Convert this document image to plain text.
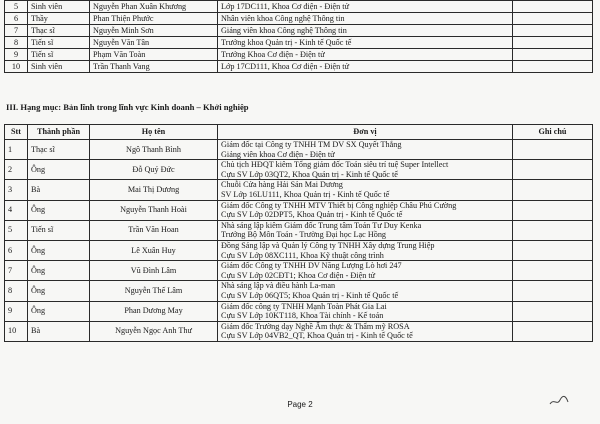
5	Sinh viên	Nguyễn Phan Xuân Khương	Lớp 17DC111, Khoa Cơ điện - Điện tử	
6	Thầy	Phan Thiện Phước	Nhân viên khoa Công nghệ Thông tin	
7	Thạc sĩ	Nguyễn Minh Sơn	Giảng viên khoa Công nghệ Thông tin	
8	Tiến sĩ	Nguyễn Văn Tân	Trưởng khoa Quản trị - Kinh tế Quốc tế	
9	Tiến sĩ	Phạm Văn Toàn	Trưởng Khoa Cơ điện - Điện tử	
10	Sinh viên	Trần Thanh Vang	Lớp 17CD111, Khoa Cơ điện - Điện tử	
III. Hạng mục: Bản lĩnh trong lĩnh vực Kinh doanh – Khởi nghiệp
Stt	Thành phần	Họ tên	Đơn vị	Ghi chú
1	Thạc sĩ	Ngô Thanh Bình	Giám đốc tại Công ty TNHH TM DV SX Quyết Thắng
Giảng viên khoa Cơ điện - Điện tử	

2	Ông	Đỗ Quý Đức	Chủ tịch HĐQT kiêm Tổng giám đốc Toán siêu trí tuệ Super Intellect
Cựu SV Lớp 03QT2, Khoa Quản trị - Kinh tế Quốc tế	

3	Bà	Mai Thị Dương	Chuỗi Cửa hàng Hải Sản Mai Dương
SV Lớp 16LU111, Khoa Quản trị - Kinh tế Quốc tế	

4	Ông	Nguyễn Thanh Hoài	Giám đốc Công ty TNHH MTV Thiết bị Công nghiệp Châu Phú Cường
Cựu SV Lớp 02DPT5, Khoa Quản trị - Kinh tế Quốc tế	

5	Tiến sĩ	Trần Văn Hoan	Nhà sáng lập kiêm Giám đốc Trung tâm Toán Tư Duy Kenka
Trưởng Bộ Môn Toán - Trường Đại học Lạc Hồng	

6	Ông	Lê Xuân Huy	Đồng Sáng lập và Quản lý Công ty TNHH Xây dựng Trung Hiệp
Cựu SV Lớp 08XC111, Khoa Kỹ thuật công trình	

7	Ông	Vũ Đình Lâm	Giám đốc Công ty TNHH DV Năng Lượng Lò hơi 247
Cựu SV Lớp 02CĐT1; Khoa Cơ điện - Điện tử	

8	Ông	Nguyễn Thế Lâm	Nhà sáng lập và điều hành La-man
Cựu SV Lớp 06QT5; Khoa Quản trị - Kinh tế Quốc tế	

9	Ông	Phan Dương May	Giám đốc công ty TNHH Mạnh Toàn Phát Gia Lai
Cựu SV Lớp 10KT118, Khoa Tài chính - Kế toán	

10	Bà	Nguyễn Ngọc Anh Thư	Giám đốc Trường dạy Nghề Ẩm thực & Thẩm mỹ ROSA
Cựu SV Lớp 04VB2_QT, Khoa Quản trị - Kinh tế Quốc tế	

Page 2
